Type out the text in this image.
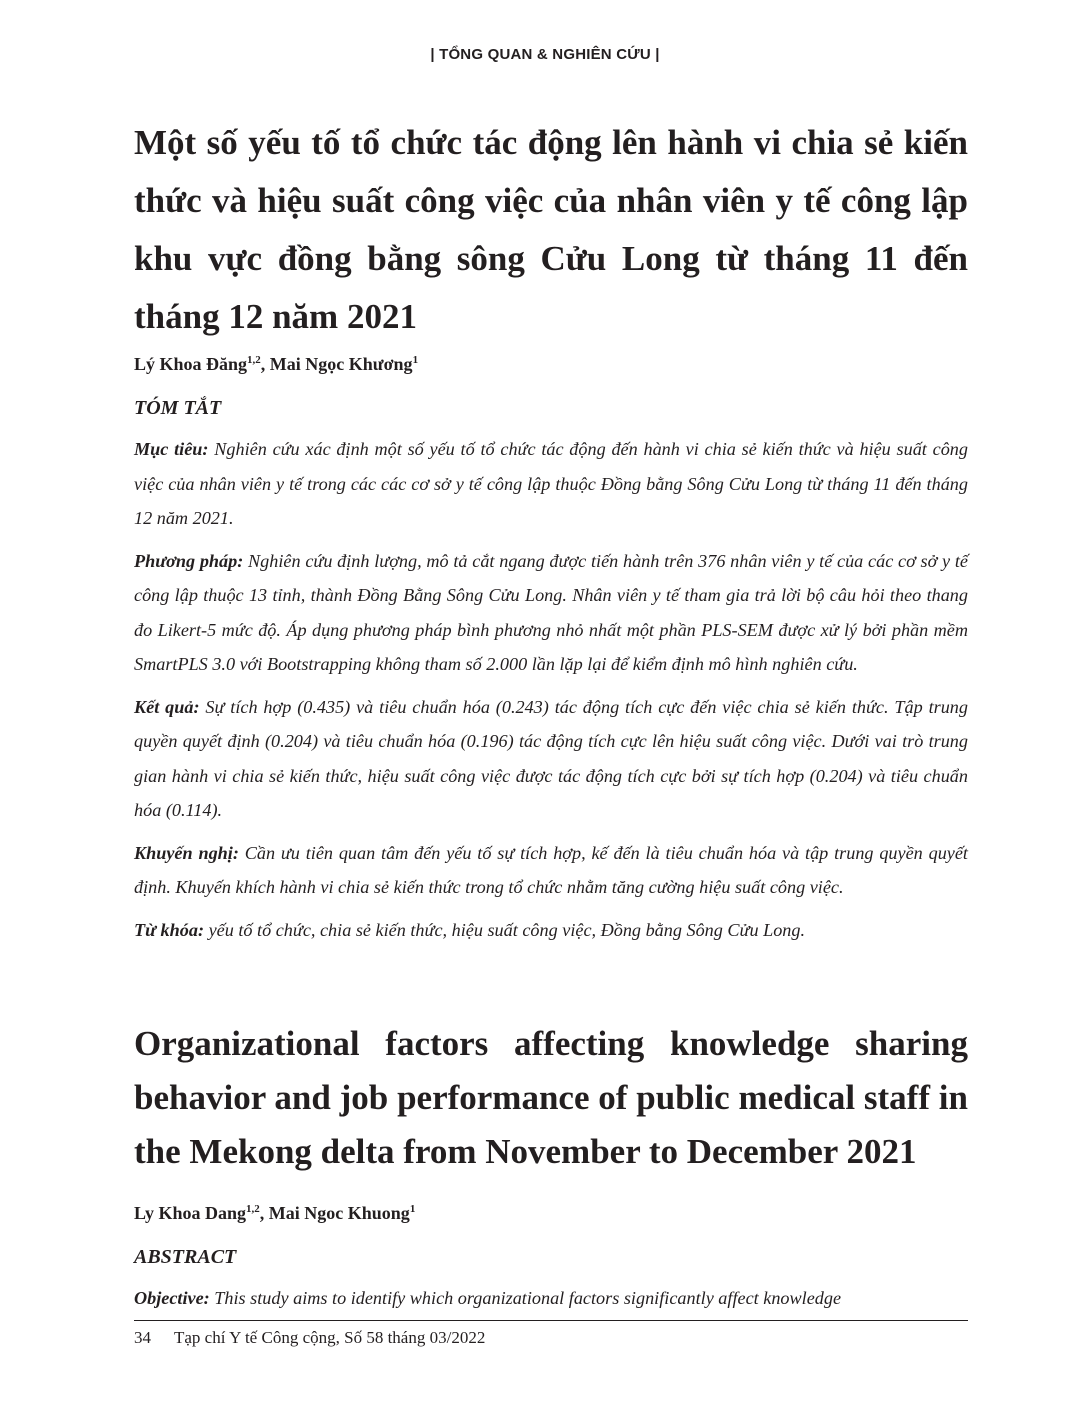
| TỔNG QUAN & NGHIÊN CỨU |
Một số yếu tố tổ chức tác động lên hành vi chia sẻ kiến thức và hiệu suất công việc của nhân viên y tế công lập khu vực đồng bằng sông Cửu Long từ tháng 11 đến tháng 12 năm 2021
Lý Khoa Đăng$^{1,2}$, Mai Ngọc Khương$^1$
TÓM TẮT

Mục tiêu: Nghiên cứu xác định một số yếu tố tổ chức tác động đến hành vi chia sẻ kiến thức và hiệu suất công việc của nhân viên y tế trong các các cơ sở y tế công lập thuộc Đồng bằng Sông Cửu Long từ tháng 11 đến tháng 12 năm 2021.

Phương pháp: Nghiên cứu định lượng, mô tả cắt ngang được tiến hành trên 376 nhân viên y tế của các cơ sở y tế công lập thuộc 13 tỉnh, thành Đồng Bằng Sông Cửu Long. Nhân viên y tế tham gia trả lời bộ câu hỏi theo thang đo Likert-5 mức độ. Áp dụng phương pháp bình phương nhỏ nhất một phần PLS-SEM được xử lý bởi phần mềm SmartPLS 3.0 với Bootstrapping không tham số 2.000 lần lặp lại để kiểm định mô hình nghiên cứu.

Kết quả: Sự tích hợp (0.435) và tiêu chuẩn hóa (0.243) tác động tích cực đến việc chia sẻ kiến thức. Tập trung quyền quyết định (0.204) và tiêu chuẩn hóa (0.196) tác động tích cực lên hiệu suất công việc. Dưới vai trò trung gian hành vi chia sẻ kiến thức, hiệu suất công việc được tác động tích cực bởi sự tích hợp (0.204) và tiêu chuẩn hóa (0.114).

Khuyến nghị: Cần ưu tiên quan tâm đến yếu tố sự tích hợp, kế đến là tiêu chuẩn hóa và tập trung quyền quyết định. Khuyến khích hành vi chia sẻ kiến thức trong tổ chức nhằm tăng cường hiệu suất công việc.

Từ khóa: yếu tố tổ chức, chia sẻ kiến thức, hiệu suất công việc, Đồng bằng Sông Cửu Long.

Organizational factors affecting knowledge sharing behavior and job performance of public medical staff in the Mekong delta from November to December 2021
Ly Khoa Dang$^{1,2}$, Mai Ngoc Khuong$^1$
ABSTRACT

Objective: This study aims to identify which organizational factors significantly affect knowledge

34 Tạp chí Y tế Công cộng, Số 58 tháng 03/2022
